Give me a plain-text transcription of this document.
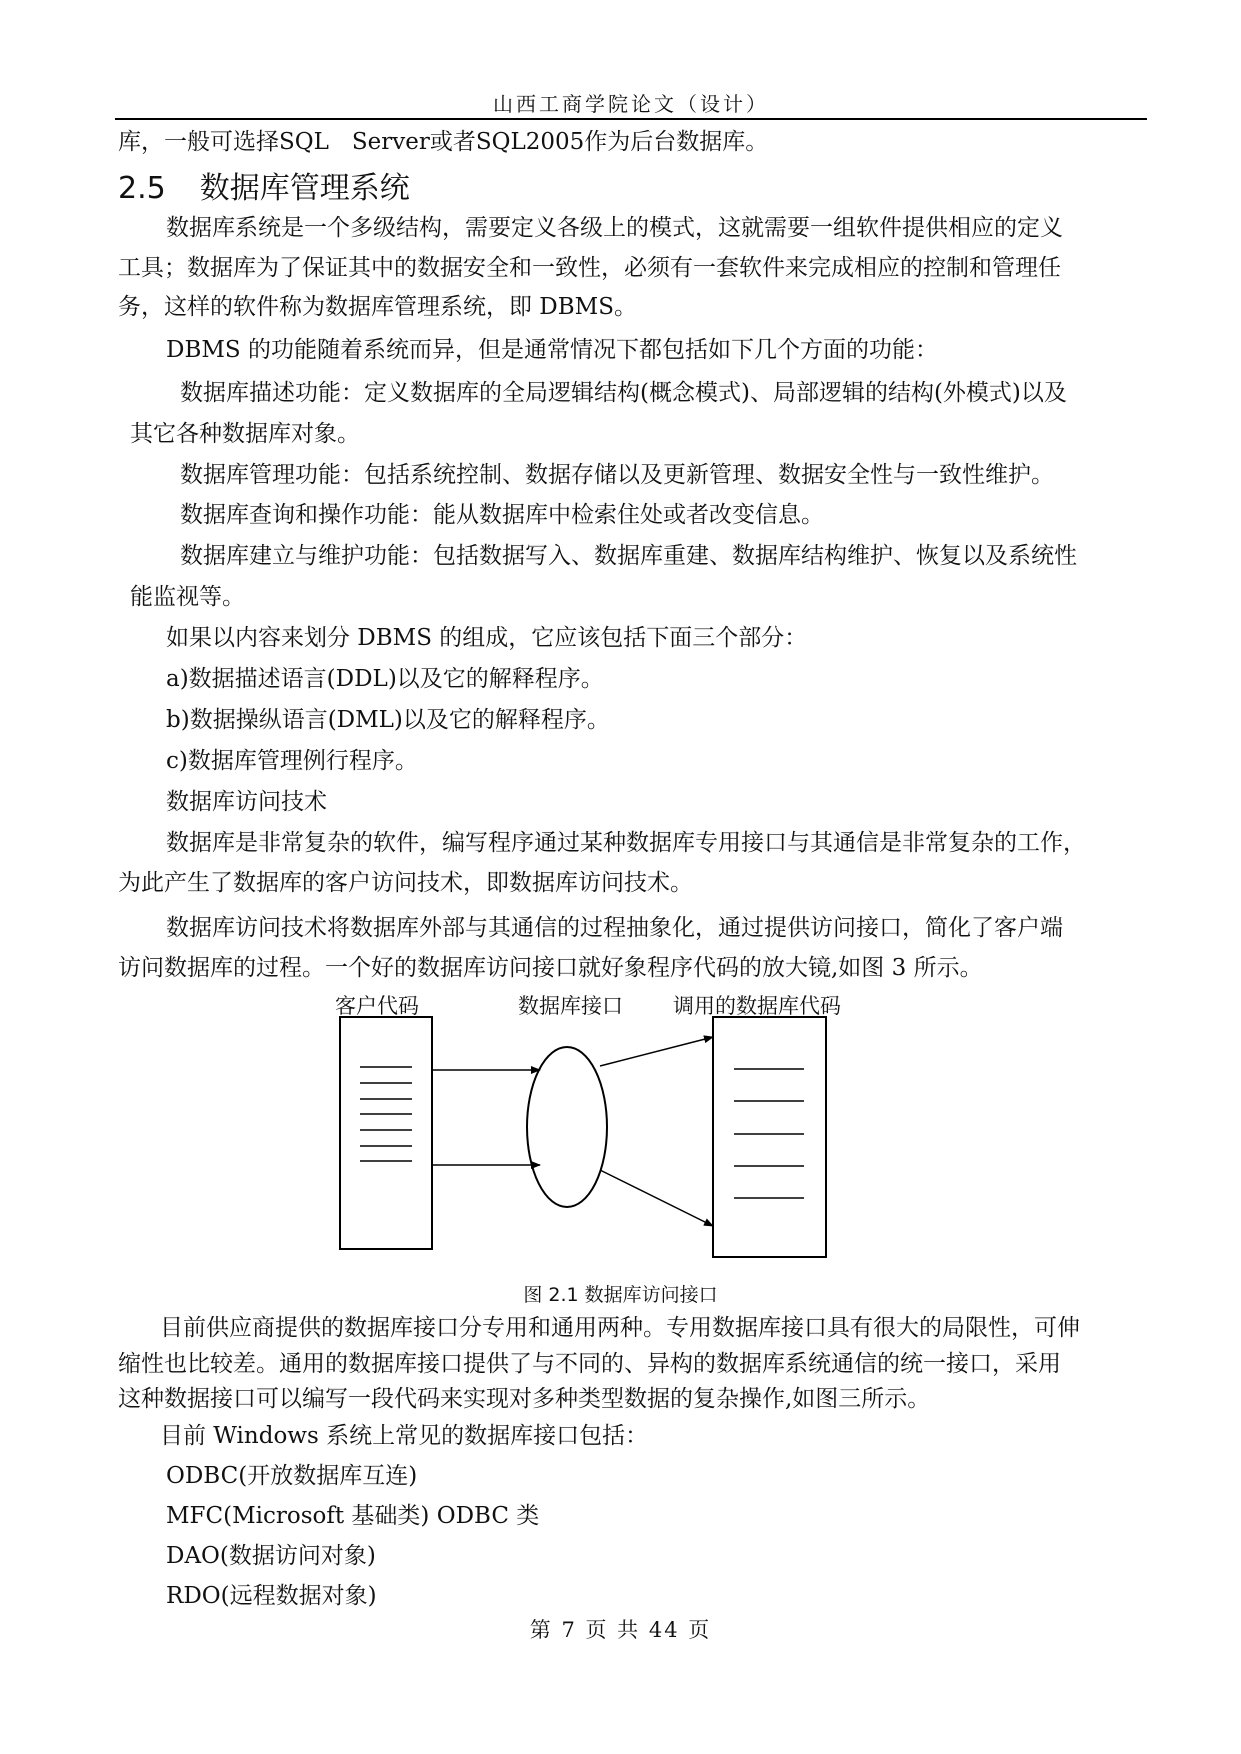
山西工商学院论文（设计）
库，一般可选择SQL　Server或者SQL2005作为后台数据库。
2.5 数据库管理系统
数据库系统是一个多级结构，需要定义各级上的模式，这就需要一组软件提供相应的定义
工具；数据库为了保证其中的数据安全和一致性，必须有一套软件来完成相应的控制和管理任
务，这样的软件称为数据库管理系统，即 DBMS。
DBMS 的功能随着系统而异，但是通常情况下都包括如下几个方面的功能：
数据库描述功能：定义数据库的全局逻辑结构(概念模式)、局部逻辑的结构(外模式)以及
其它各种数据库对象。
数据库管理功能：包括系统控制、数据存储以及更新管理、数据安全性与一致性维护。
数据库查询和操作功能：能从数据库中检索住处或者改变信息。
数据库建立与维护功能：包括数据写入、数据库重建、数据库结构维护、恢复以及系统性
能监视等。
如果以内容来划分 DBMS 的组成，它应该包括下面三个部分：
a)数据描述语言(DDL)以及它的解释程序。
b)数据操纵语言(DML)以及它的解释程序。
c)数据库管理例行程序。
数据库访问技术
数据库是非常复杂的软件，编写程序通过某种数据库专用接口与其通信是非常复杂的工作，
为此产生了数据库的客户访问技术，即数据库访问技术。
数据库访问技术将数据库外部与其通信的过程抽象化，通过提供访问接口，简化了客户端
访问数据库的过程。一个好的数据库访问接口就好象程序代码的放大镜,如图 3 所示。
客户代码	数据库接口 调用的数据库代码
图 2.1 数据库访问接口
目前供应商提供的数据库接口分专用和通用两种。专用数据库接口具有很大的局限性，可伸
缩性也比较差。通用的数据库接口提供了与不同的、异构的数据库系统通信的统一接口，采用
这种数据接口可以编写一段代码来实现对多种类型数据的复杂操作,如图三所示。
目前 Windows 系统上常见的数据库接口包括：
ODBC(开放数据库互连)
MFC(Microsoft 基础类) ODBC 类
DAO(数据访问对象)
RDO(远程数据对象)
第 7 页 共 44 页
